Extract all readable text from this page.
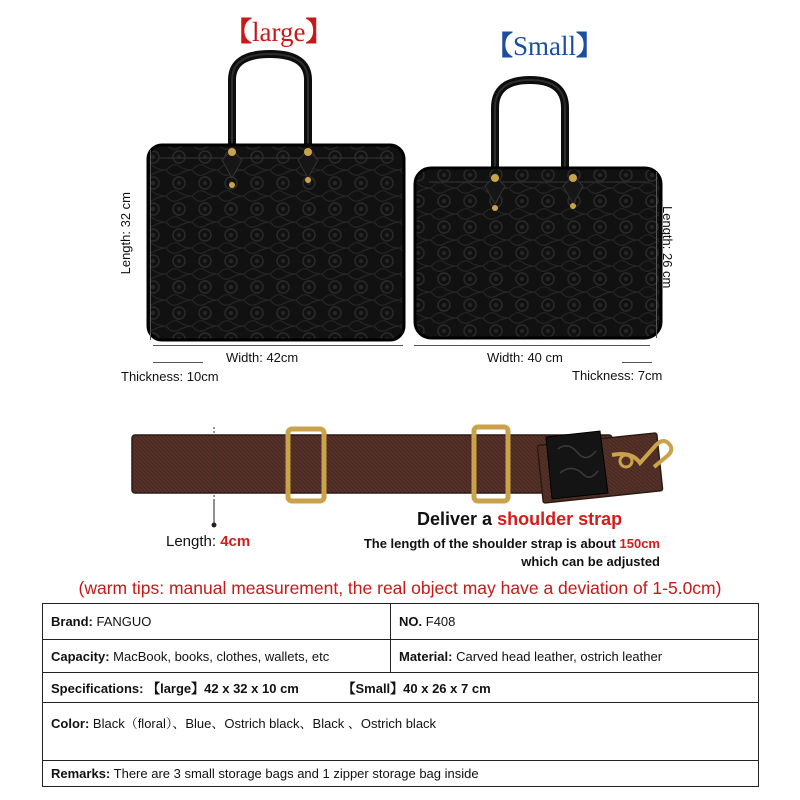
【large】	【Small】
Length: 32 cm
Width: 42cm
Thickness: 10cm
Length: 26 cm
Width: 40 cm
Thickness: 7cm
Length: 4cm
Deliver a shoulder strap
The length of the shoulder strap is about 150cm
which can be adjusted
(warm tips: manual measurement, the real object may have a deviation of 1-5.0cm)
Brand: FANGUO	NO. F408
Capacity: MacBook, books, clothes, wallets, etc	Material: Carved head leather, ostrich leather
Specifications: 【large】42 x 32 x 10 cm 【Small】40 x 26 x 7 cm	
Color: Black（floral）、Blue、Ostrich black、Black 、Ostrich black	
Remarks: There are 3 small storage bags and 1 zipper storage bag inside	
